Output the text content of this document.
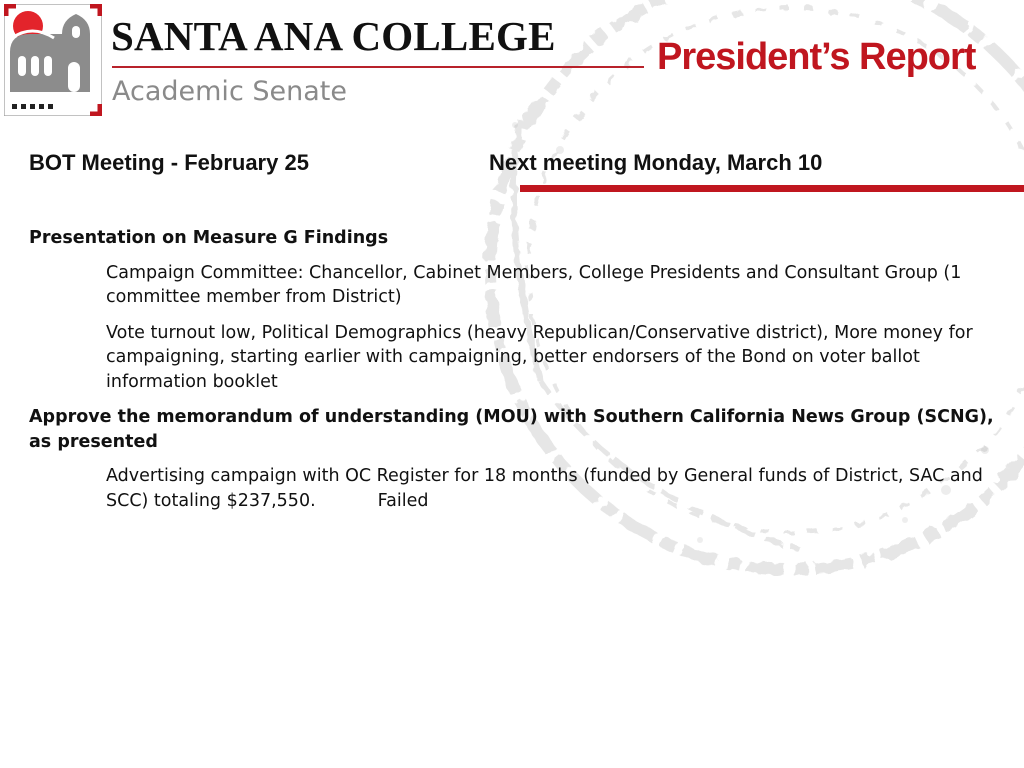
SANTA ANA COLLEGE
Academic Senate
President’s Report
BOT Meeting - February 25	Next meeting Monday, March 10

Presentation on Measure G Findings

Campaign Committee: Chancellor, Cabinet Members, College Presidents and Consultant Group (1 committee member from District)

Vote turnout low, Political Demographics (heavy Republican/Conservative district), More money for campaigning, starting earlier with campaigning, better endorsers of the Bond on voter ballot information booklet

Approve the memorandum of understanding (MOU) with Southern California News Group (SCNG), as presented

Advertising campaign with OC Register for 18 months (funded by General funds of District, SAC and SCC) totaling $237,550.	Failed
